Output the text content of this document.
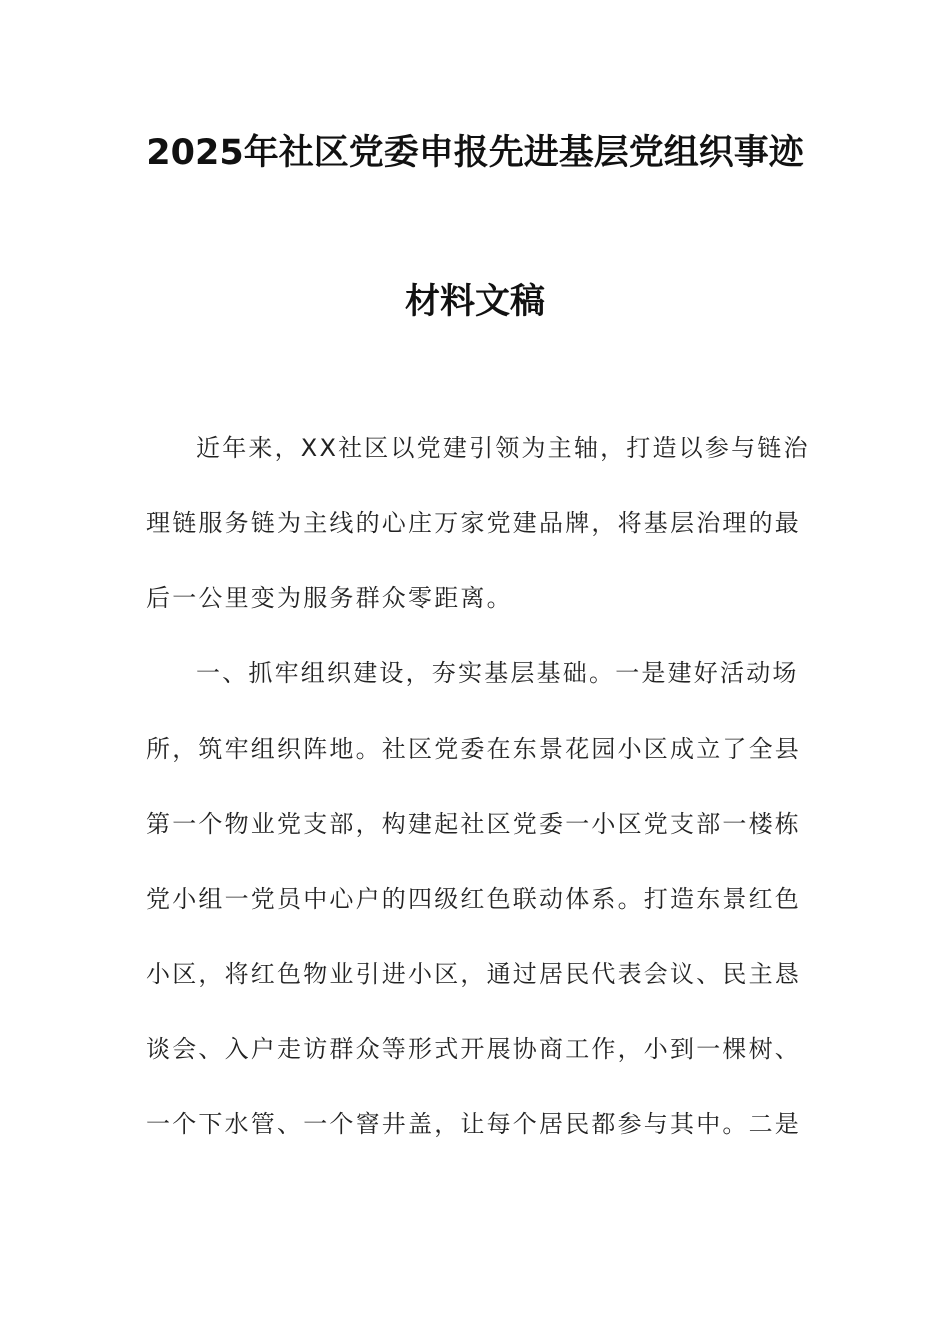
2025年社区党委申报先进基层党组织事迹
材料文稿
近年来，XX社区以党建引领为主轴，打造以参与链治
理链服务链为主线的心庄万家党建品牌，将基层治理的最
后一公里变为服务群众零距离。
一、抓牢组织建设，夯实基层基础。一是建好活动场
所，筑牢组织阵地。社区党委在东景花园小区成立了全县
第一个物业党支部，构建起社区党委一小区党支部一楼栋
党小组一党员中心户的四级红色联动体系。打造东景红色
小区，将红色物业引进小区，通过居民代表会议、民主恳
谈会、入户走访群众等形式开展协商工作，小到一棵树、
一个下水管、一个窨井盖，让每个居民都参与其中。二是
